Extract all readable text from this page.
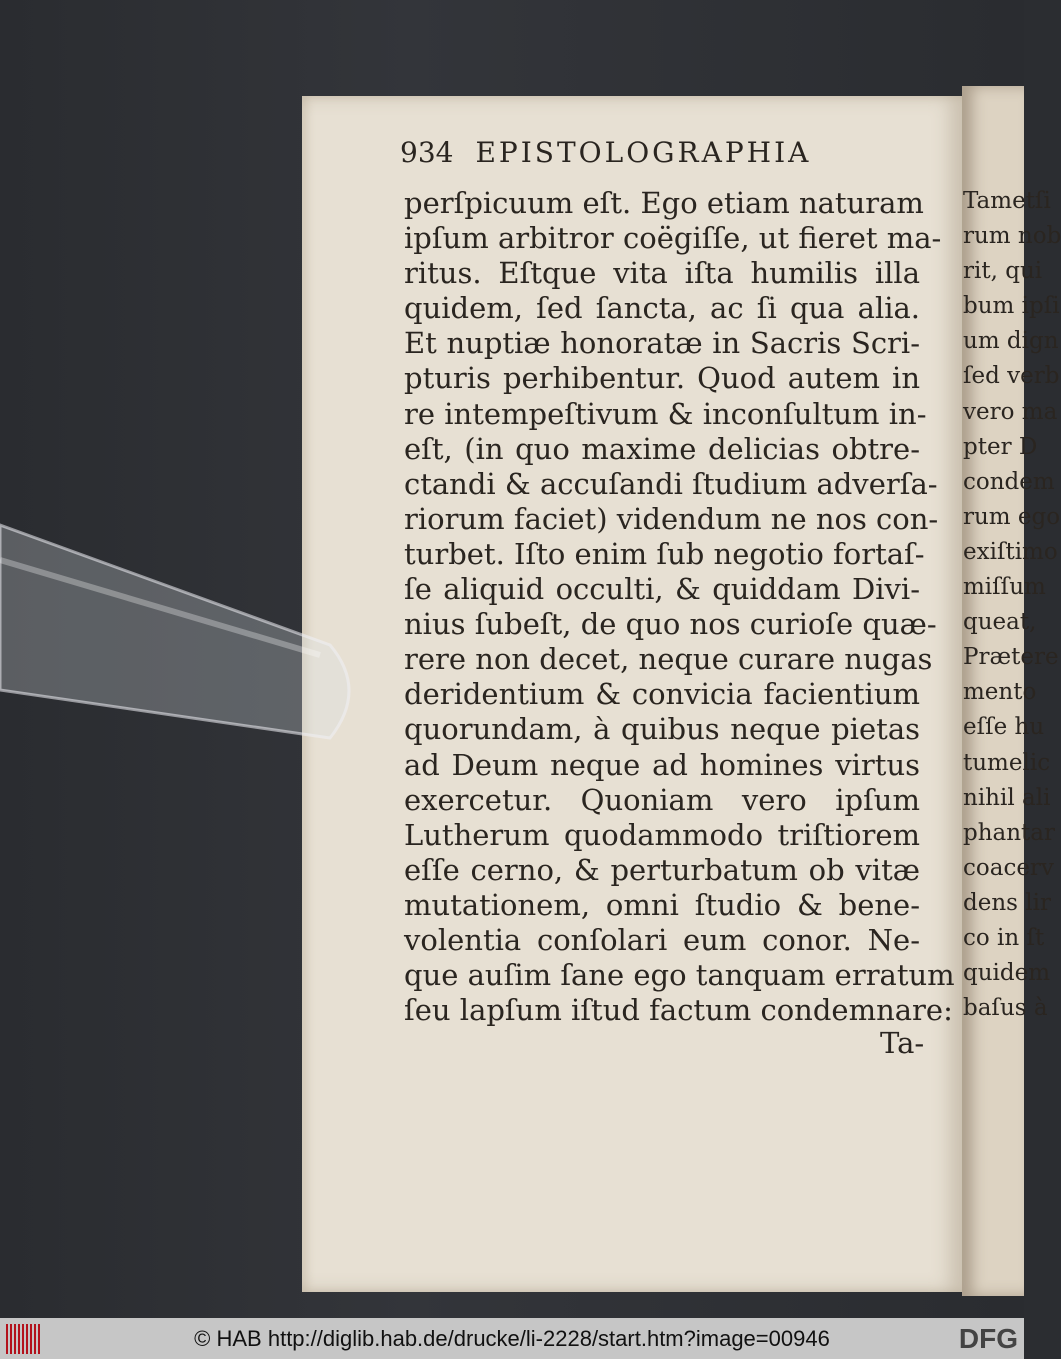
934 EPISTOLOGRAPHIA
perſpicuum eſt. Ego etiam naturam
ipſum arbitror coëgiſſe, ut fieret ma-
ritus. Eſtque vita iſta humilis illa
quidem, ſed ſancta, ac ſi qua alia.
Et nuptiæ honoratæ in Sacris Scri-
pturis perhibentur. Quod autem in
re intempeſtivum & inconſultum in-
eſt, (in quo maxime delicias obtre-
ctandi & accuſandi ſtudium adverſa-
riorum faciet) videndum ne nos con-
turbet. Iſto enim ſub negotio fortaſ-
ſe aliquid occulti, & quiddam Divi-
nius ſubeſt, de quo nos curioſe quæ-
rere non decet, neque curare nugas
deridentium & convicia facientium
quorundam, à quibus neque pietas
ad Deum neque ad homines virtus
exercetur. Quoniam vero ipſum
Lutherum quodammodo triſtiorem
eſſe cerno, & perturbatum ob vitæ
mutationem, omni ſtudio & bene-
volentia conſolari eum conor. Ne-
que auſim ſane ego tanquam erratum
ſeu lapſum iſtud factum condemnare:
Ta-
Tametſi
rum nob
rit, qui
bum ipſi
um dign
ſed verb
vero ma
pter D
condem
rum ego
exiſtimo
miſſum
queat,
Prætere
mento
eſſe hu
tumelic
nihil ali
phantar
coacerv
dens lir
co in ſt
quidem
baſus à
© HAB http://diglib.hab.de/drucke/li-2228/start.htm?image=00946	DFG
